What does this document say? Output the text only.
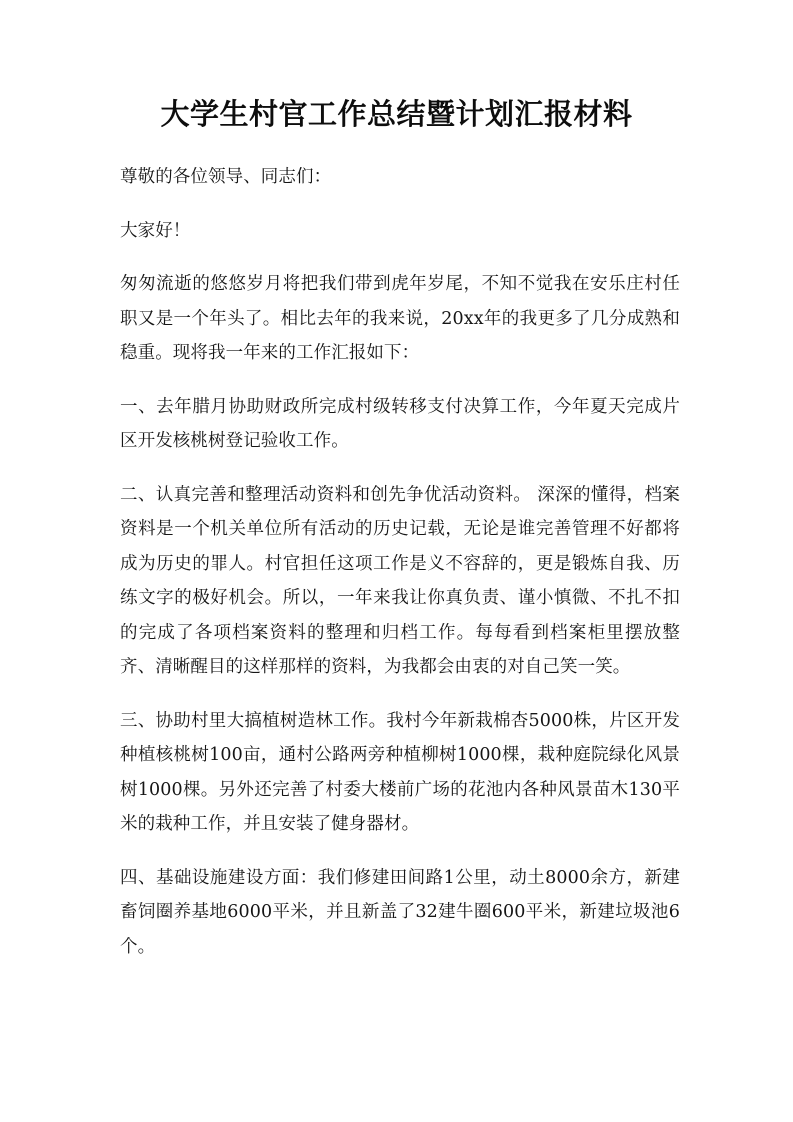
大学生村官工作总结暨计划汇报材料

尊敬的各位领导、同志们：

大家好！

匆匆流逝的悠悠岁月将把我们带到虎年岁尾，不知不觉我在安乐庄村任职又是一个年头了。相比去年的我来说，20xx年的我更多了几分成熟和稳重。现将我一年来的工作汇报如下：

一、去年腊月协助财政所完成村级转移支付决算工作，今年夏天完成片区开发核桃树登记验收工作。

二、认真完善和整理活动资料和创先争优活动资料。 深深的懂得，档案资料是一个机关单位所有活动的历史记载，无论是谁完善管理不好都将成为历史的罪人。村官担任这项工作是义不容辞的，更是锻炼自我、历练文字的极好机会。所以，一年来我让你真负责、谨小慎微、不扎不扣的完成了各项档案资料的整理和归档工作。每每看到档案柜里摆放整齐、清晰醒目的这样那样的资料，为我都会由衷的对自己笑一笑。

三、协助村里大搞植树造林工作。我村今年新栽棉杏5000株，片区开发种植核桃树100亩，通村公路两旁种植柳树1000棵，栽种庭院绿化风景树1000棵。另外还完善了村委大楼前广场的花池内各种风景苗木130平米的栽种工作，并且安装了健身器材。

四、基础设施建设方面：我们修建田间路1公里，动土8000余方，新建畜饲圈养基地6000平米，并且新盖了32建牛圈600平米，新建垃圾池6个。
